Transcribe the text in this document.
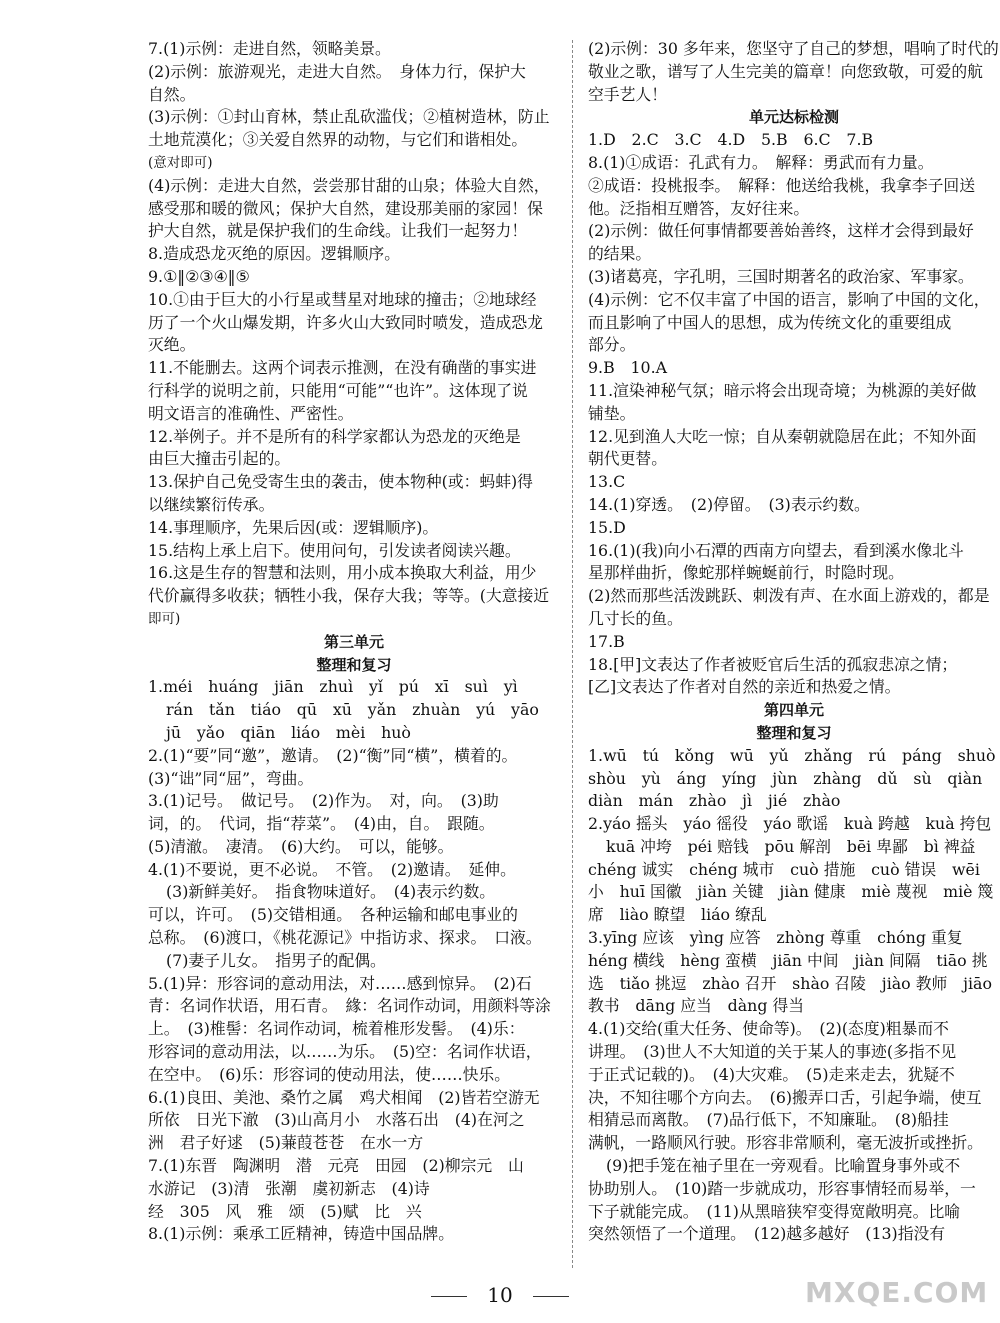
7.(1)示例：走进自然，领略美景。
(2)示例：旅游观光，走进大自然。　身体力行，保护大
自然。
(3)示例：①封山育林，禁止乱砍滥伐；②植树造林，防止
土地荒漠化；③关爱自然界的动物，与它们和谐相处。
(意对即可)
(4)示例：走进大自然，尝尝那甘甜的山泉；体验大自然，
感受那和暖的微风；保护大自然，建设那美丽的家园！保
护大自然，就是保护我们的生命线。让我们一起努力！
8.造成恐龙灭绝的原因。逻辑顺序。
9.①‖②③④‖⑤
10.①由于巨大的小行星或彗星对地球的撞击；②地球经
历了一个火山爆发期，许多火山大致同时喷发，造成恐龙
灭绝。
11.不能删去。这两个词表示推测，在没有确凿的事实进
行科学的说明之前，只能用“可能”“也许”。这体现了说
明文语言的准确性、严密性。
12.举例子。并不是所有的科学家都认为恐龙的灭绝是
由巨大撞击引起的。
13.保护自己免受寄生虫的袭击，使本物种(或：蚂蚌)得
以继续繁衍传承。
14.事理顺序，先果后因(或：逻辑顺序)。
15.结构上承上启下。使用问句，引发读者阅读兴趣。
16.这是生存的智慧和法则，用小成本换取大利益，用少
代价赢得多收获；牺牲小我，保存大我；等等。(大意接近
即可)
第三单元
整理和复习
1.méi　huáng　jiān　zhuì　yǐ　pú　xī　suì　yì
rán　tǎn　tiáo　qū　xū　yǎn　zhuàn　yú　yāo
jū　yǎo　qiān　liáo　mèi　huò
2.(1)“要”同“邀”，邀请。　(2)“衡”同“横”，横着的。
(3)“诎”同“屈”，弯曲。
3.(1)记号。　做记号。　(2)作为。　对，向。　(3)助
词，的。　代词，指“荐菜”。　(4)由，自。　跟随。
(5)清澈。　凄清。　(6)大约。　可以，能够。
4.(1)不要说，更不必说。　不管。　(2)邀请。　延伸。
(3)新鲜美好。　指食物味道好。　(4)表示约数。
可以，许可。　(5)交错相通。　各种运输和邮电事业的
总称。　(6)渡口，《桃花源记》中指访求、探求。　口液。
(7)妻子儿女。　指男子的配偶。
5.(1)异：形容词的意动用法，对……感到惊异。　(2)石
青：名词作状语，用石青。　緣：名词作动词，用颜料等涂
上。　(3)椎髻：名词作动词，梳着椎形发髻。　(4)乐：
形容词的意动用法，以……为乐。　(5)空：名词作状语，
在空中。　(6)乐：形容词的使动用法，使……快乐。
6.(1)良田、美池、桑竹之属　鸡犬相闻　(2)皆若空游无
所依　日光下澈　(3)山高月小　水落石出　(4)在河之
洲　君子好逑　(5)蒹葭苍苍　在水一方
7.(1)东晋　陶渊明　潜　元亮　田园　(2)柳宗元　山
水游记　(3)清　张潮　虞初新志　(4)诗
经　305　风　雅　颂　(5)赋　比　兴
8.(1)示例：乘承工匠精神，铸造中国品牌。
(2)示例：30 多年来，您坚守了自己的梦想，唱响了时代的
敬业之歌，谱写了人生完美的篇章！向您致敬，可爱的航
空手艺人！
单元达标检测
1.D　2.C　3.C　4.D　5.B　6.C　7.B
8.(1)①成语：孔武有力。　解释：勇武而有力量。
②成语：投桃报李。　解释：他送给我桃，我拿李子回送
他。泛指相互赠答，友好往来。
(2)示例：做任何事情都要善始善终，这样才会得到最好
的结果。
(3)诸葛亮，字孔明，三国时期著名的政治家、军事家。
(4)示例：它不仅丰富了中国的语言，影响了中国的文化，
而且影响了中国人的思想，成为传统文化的重要组成
部分。
9.B　10.A
11.渲染神秘气氛；暗示将会出现奇境；为桃源的美好做
铺垫。
12.见到渔人大吃一惊；自从秦朝就隐居在此；不知外面
朝代更替。
13.C
14.(1)穿透。　(2)停留。　(3)表示约数。
15.D
16.(1)(我)向小石潭的西南方向望去，看到溪水像北斗
星那样曲折，像蛇那样蜿蜒前行，时隐时现。
(2)然而那些活泼跳跃、刺泼有声、在水面上游戏的，都是
几寸长的鱼。
17.B
18.[甲]文表达了作者被贬官后生活的孤寂悲凉之情；
[乙]文表达了作者对自然的亲近和热爱之情。
第四单元
整理和复习
1.wū　tú　kǒng　wū　yǔ　zhǎng　rú　páng　shuò
shòu　yù　áng　yíng　jùn　zhàng　dǔ　sù　qiàn
diàn　mán　zhào　jì　jié　zhào
2.yáo 摇头　yáo 徭役　yáo 歌谣　kuà 跨越　kuà 挎包
kuā 冲垮　péi 赔钱　pōu 解剖　bēi 卑鄙　bì 裨益
chéng 诚实　chéng 城市　cuò 措施　cuò 错误　wēi
小　huī 国徽　jiàn 关键　jiàn 健康　miè 蔑视　miè 篾
席　liào 瞭望　liáo 缭乱
3.yīng 应该　yìng 应答　zhòng 尊重　chóng 重复
héng 横线　hèng 蛮横　jiān 中间　jiàn 间隔　tiāo 挑
选　tiǎo 挑逗　zhào 召开　shào 召陵　jiào 教师　jiāo
教书　dāng 应当　dàng 得当
4.(1)交给(重大任务、使命等)。　(2)(态度)粗暴而不
讲理。　(3)世人不大知道的关于某人的事迹(多指不见
于正式记载的)。　(4)大灾难。　(5)走来走去，犹疑不
决，不知往哪个方向去。　(6)搬弄口舌，引起争端，使互
相猜忌而离散。　(7)品行低下，不知廉耻。　(8)船挂
满帆，一路顺风行驶。形容非常顺利，毫无波折或挫折。
(9)把手笼在袖子里在一旁观看。比喻置身事外或不
协助别人。　(10)踏一步就成功，形容事情轻而易举，一
下子就能完成。　(11)从黑暗狭窄变得宽敞明亮。比喻
突然领悟了一个道理。　(12)越多越好　(13)指没有
10	MXQE.COM
